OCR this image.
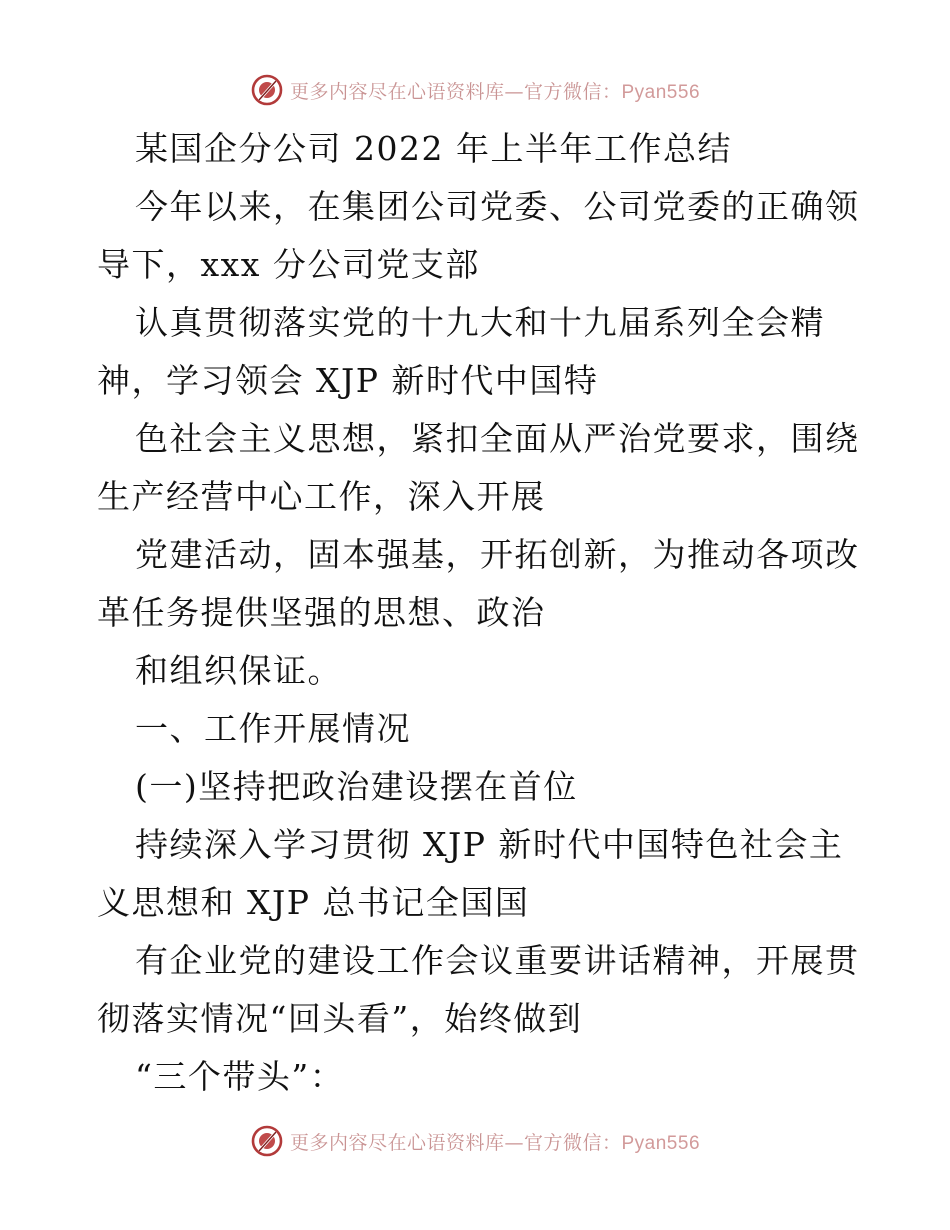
更多内容尽在心语资料库—官方微信：Pyan556
某国企分公司 2022 年上半年工作总结
今年以来，在集团公司党委、公司党委的正确领
导下，xxx 分公司党支部
认真贯彻落实党的十九大和十九届系列全会精
神，学习领会 XJP 新时代中国特
色社会主义思想，紧扣全面从严治党要求，围绕
生产经营中心工作，深入开展
党建活动，固本强基，开拓创新，为推动各项改
革任务提供坚强的思想、政治
和组织保证。
一、工作开展情况
(一)坚持把政治建设摆在首位
持续深入学习贯彻 XJP 新时代中国特色社会主
义思想和 XJP 总书记全国国
有企业党的建设工作会议重要讲话精神，开展贯
彻落实情况“回头看”，始终做到
“三个带头”：
更多内容尽在心语资料库—官方微信：Pyan556
